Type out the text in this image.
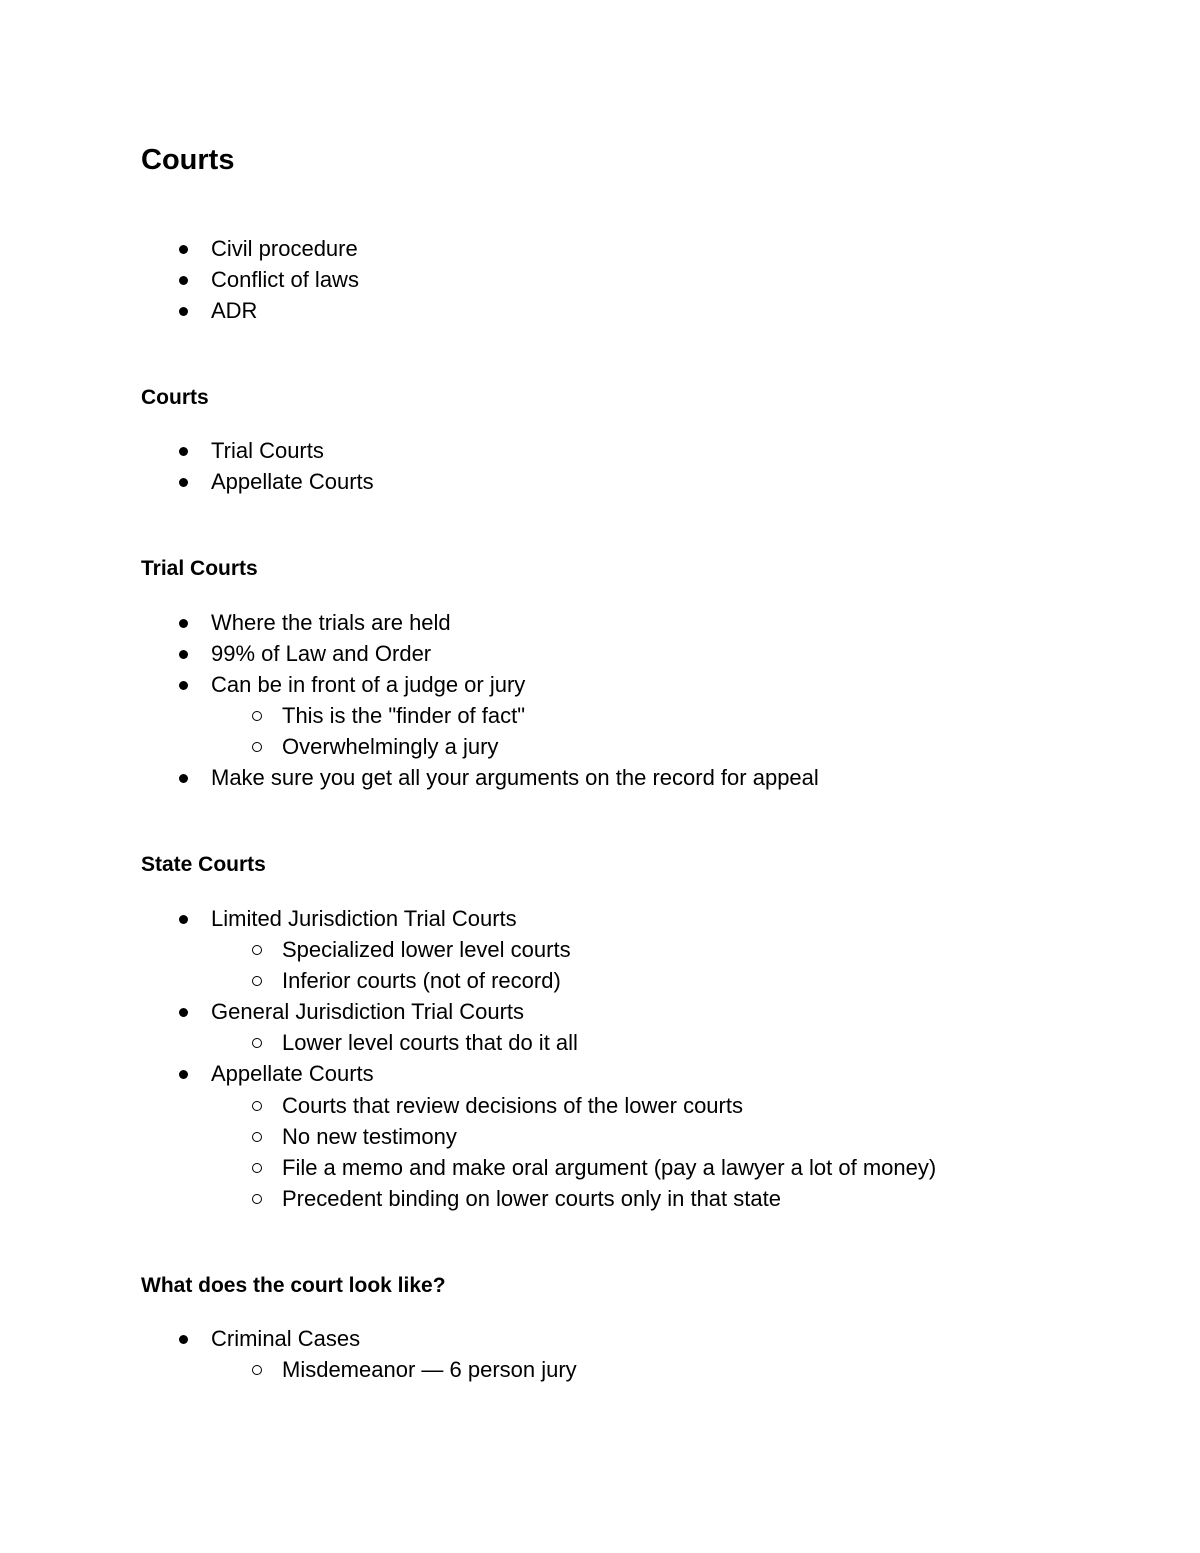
Courts
Civil procedure
Conflict of laws
ADR
Courts
Trial Courts
Appellate Courts
Trial Courts
Where the trials are held
99% of Law and Order
Can be in front of a judge or jury
This is the "finder of fact"
Overwhelmingly a jury
Make sure you get all your arguments on the record for appeal
State Courts
Limited Jurisdiction Trial Courts
Specialized lower level courts
Inferior courts (not of record)
General Jurisdiction Trial Courts
Lower level courts that do it all
Appellate Courts
Courts that review decisions of the lower courts
No new testimony
File a memo and make oral argument (pay a lawyer a lot of money)
Precedent binding on lower courts only in that state
What does the court look like?
Criminal Cases
Misdemeanor — 6 person jury
